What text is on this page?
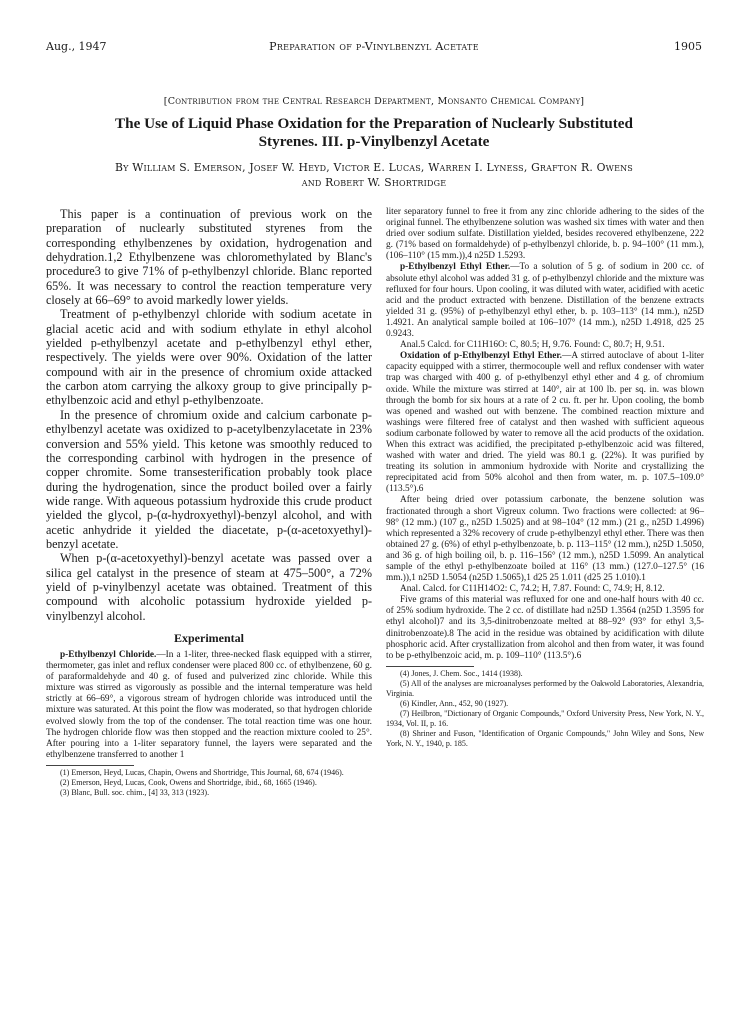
Aug., 1947	Preparation of p-Vinylbenzyl Acetate	1905
[Contribution from the Central Research Department, Monsanto Chemical Company]
The Use of Liquid Phase Oxidation for the Preparation of Nuclearly Substituted
Styrenes. III. p-Vinylbenzyl Acetate
By William S. Emerson, Josef W. Heyd, Victor E. Lucas, Warren I. Lyness, Grafton R. Owens
and Robert W. Shortridge

This paper is a continuation of previous work on the preparation of nuclearly substituted styrenes from the corresponding ethylbenzenes by oxidation, hydrogenation and dehydration.1,2 Ethylbenzene was chloromethylated by Blanc's procedure3 to give 71% of p-ethylbenzyl chloride. Blanc reported 65%. It was necessary to control the reaction temperature very closely at 66–69° to avoid markedly lower yields.

Treatment of p-ethylbenzyl chloride with sodium acetate in glacial acetic acid and with sodium ethylate in ethyl alcohol yielded p-ethylbenzyl acetate and p-ethylbenzyl ethyl ether, respectively. The yields were over 90%. Oxidation of the latter compound with air in the presence of chromium oxide attacked the carbon atom carrying the alkoxy group to give principally p-ethylbenzoic acid and ethyl p-ethylbenzoate.

In the presence of chromium oxide and calcium carbonate p-ethylbenzyl acetate was oxidized to p-acetylbenzylacetate in 23% conversion and 55% yield. This ketone was smoothly reduced to the corresponding carbinol with hydrogen in the presence of copper chromite. Some transesterification probably took place during the hydrogenation, since the product boiled over a fairly wide range. With aqueous potassium hydroxide this crude product yielded the glycol, p-(α-hydroxyethyl)-benzyl alcohol, and with acetic anhydride it yielded the diacetate, p-(α-acetoxyethyl)-benzyl acetate.

When p-(α-acetoxyethyl)-benzyl acetate was passed over a silica gel catalyst in the presence of steam at 475–500°, a 72% yield of p-vinylbenzyl acetate was obtained. Treatment of this compound with alcoholic potassium hydroxide yielded p-vinylbenzyl alcohol.

Experimental

p-Ethylbenzyl Chloride.—In a 1-liter, three-necked flask equipped with a stirrer, thermometer, gas inlet and reflux condenser were placed 800 cc. of ethylbenzene, 60 g. of paraformaldehyde and 40 g. of fused and pulverized zinc chloride. While this mixture was stirred as vigorously as possible and the internal temperature was held strictly at 66–69°, a vigorous stream of hydrogen chloride was introduced until the mixture was saturated. At this point the flow was moderated, so that hydrogen chloride evolved slowly from the top of the condenser. The total reaction time was one hour. The hydrogen chloride flow was then stopped and the reaction mixture cooled to 25°. After pouring into a 1-liter separatory funnel, the layers were separated and the ethylbenzene transferred to another 1

(1) Emerson, Heyd, Lucas, Chapin, Owens and Shortridge, This Journal, 68, 674 (1946).

(2) Emerson, Heyd, Lucas, Cook, Owens and Shortridge, ibid., 68, 1665 (1946).

(3) Blanc, Bull. soc. chim., [4] 33, 313 (1923).

liter separatory funnel to free it from any zinc chloride adhering to the sides of the original funnel. The ethylbenzene solution was washed six times with water and then dried over sodium sulfate. Distillation yielded, besides recovered ethylbenzene, 222 g. (71% based on formaldehyde) of p-ethylbenzyl chloride, b. p. 94–100° (11 mm.), (106–110° (15 mm.)),4 n25D 1.5293.

p-Ethylbenzyl Ethyl Ether.—To a solution of 5 g. of sodium in 200 cc. of absolute ethyl alcohol was added 31 g. of p-ethylbenzyl chloride and the mixture was refluxed for four hours. Upon cooling, it was diluted with water, acidified with acetic acid and the product extracted with benzene. Distillation of the benzene extracts yielded 31 g. (95%) of p-ethylbenzyl ethyl ether, b. p. 103–113° (14 mm.), n25D 1.4921. An analytical sample boiled at 106–107° (14 mm.), n25D 1.4918, d25 25 0.9243.

Anal.5 Calcd. for C11H16O: C, 80.5; H, 9.76. Found: C, 80.7; H, 9.51.

Oxidation of p-Ethylbenzyl Ethyl Ether.—A stirred autoclave of about 1-liter capacity equipped with a stirrer, thermocouple well and reflux condenser with water trap was charged with 400 g. of p-ethylbenzyl ethyl ether and 4 g. of chromium oxide. While the mixture was stirred at 140°, air at 100 lb. per sq. in. was blown through the bomb for six hours at a rate of 2 cu. ft. per hr. Upon cooling, the bomb was opened and washed out with benzene. The combined reaction mixture and washings were filtered free of catalyst and then washed with sufficient aqueous sodium carbonate followed by water to remove all the acid products of the oxidation. When this extract was acidified, the precipitated p-ethylbenzoic acid was filtered, washed with water and dried. The yield was 80.1 g. (22%). It was purified by treating its solution in ammonium hydroxide with Norite and crystallizing the reprecipitated acid from 50% alcohol and then from water, m. p. 107.5–109.0° (113.5°).6

After being dried over potassium carbonate, the benzene solution was fractionated through a short Vigreux column. Two fractions were collected: at 96–98° (12 mm.) (107 g., n25D 1.5025) and at 98–104° (12 mm.) (21 g., n25D 1.4996) which represented a 32% recovery of crude p-ethylbenzyl ethyl ether. There was then obtained 27 g. (6%) of ethyl p-ethylbenzoate, b. p. 113–115° (12 mm.), n25D 1.5050, and 36 g. of high boiling oil, b. p. 116–156° (12 mm.), n25D 1.5099. An analytical sample of the ethyl p-ethylbenzoate boiled at 116° (13 mm.) (127.0–127.5° (16 mm.)),1 n25D 1.5054 (n25D 1.5065),1 d25 25 1.011 (d25 25 1.010).1

Anal. Calcd. for C11H14O2: C, 74.2; H, 7.87. Found: C, 74.9; H, 8.12.

Five grams of this material was refluxed for one and one-half hours with 40 cc. of 25% sodium hydroxide. The 2 cc. of distillate had n25D 1.3564 (n25D 1.3595 for ethyl alcohol)7 and its 3,5-dinitrobenzoate melted at 88–92° (93° for ethyl 3,5-dinitrobenzoate).8 The acid in the residue was obtained by acidification with dilute phosphoric acid. After crystallization from alcohol and then from water, it was found to be p-ethylbenzoic acid, m. p. 109–110° (113.5°).6

(4) Jones, J. Chem. Soc., 1414 (1938).

(5) All of the analyses are microanalyses performed by the Oakwold Laboratories, Alexandria, Virginia.

(6) Kindler, Ann., 452, 90 (1927).

(7) Heilbron, "Dictionary of Organic Compounds," Oxford University Press, New York, N. Y., 1934, Vol. II, p. 16.

(8) Shriner and Fuson, "Identification of Organic Compounds," John Wiley and Sons, New York, N. Y., 1940, p. 185.
